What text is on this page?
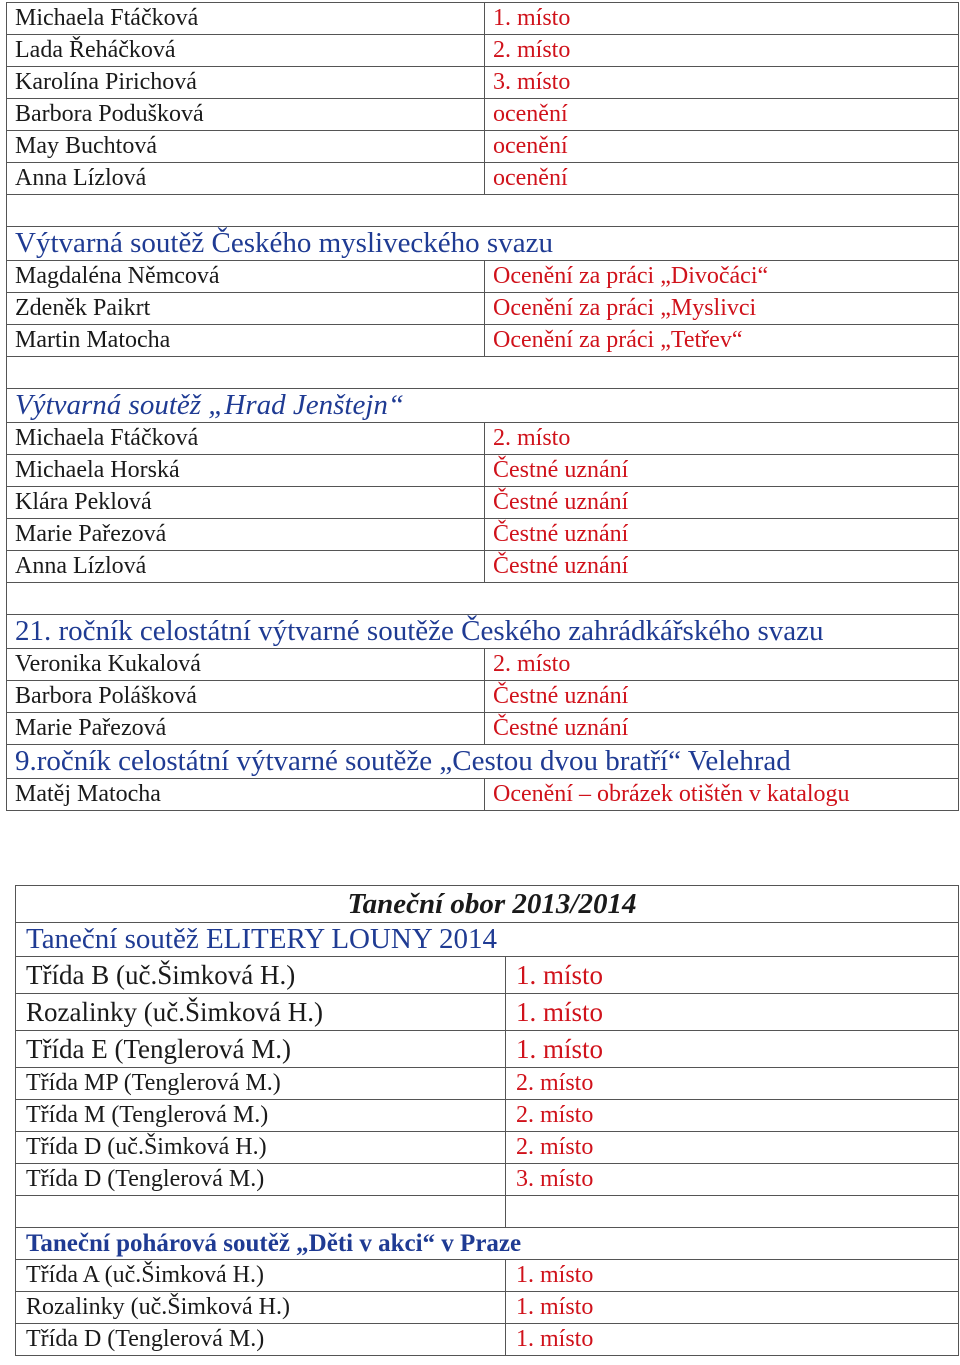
Michaela Ftáčková	1. místo
Lada Řeháčková	2. místo
Karolína Pirichová	3. místo
Barbora Podušková	ocenění
May Buchtová	ocenění
Anna Lízlová	ocenění

Výtvarná soutěž Českého mysliveckého svazu	
Magdaléna Němcová	Ocenění za práci „Divočáci“
Zdeněk Paikrt	Ocenění za práci „Myslivci
Martin Matocha	Ocenění za práci „Tetřev“

Výtvarná soutěž „Hrad Jenštejn“	
Michaela Ftáčková	2. místo
Michaela Horská	Čestné uznání
Klára Peklová	Čestné uznání
Marie Pařezová	Čestné uznání
Anna Lízlová	Čestné uznání

21. ročník celostátní výtvarné soutěže Českého zahrádkářského svazu	
Veronika Kukalová	2. místo
Barbora Polášková	Čestné uznání
Marie Pařezová	Čestné uznání
9.ročník celostátní výtvarné soutěže „Cestou dvou bratří“ Velehrad	
Matěj Matocha	Ocenění – obrázek otištěn v katalogu
Taneční obor 2013/2014	
Taneční soutěž ELITERY LOUNY 2014	
Třída B (uč.Šimková H.)	1. místo
Rozalinky (uč.Šimková H.)	1. místo
Třída E (Tenglerová M.)	1. místo
Třída MP (Tenglerová M.)	2. místo
Třída M (Tenglerová M.)	2. místo
Třída D (uč.Šimková H.)	2. místo
Třída D (Tenglerová M.)	3. místo

Taneční pohárová soutěž „Děti v akci“ v Praze	
Třída A (uč.Šimková H.)	1. místo
Rozalinky (uč.Šimková H.)	1. místo
Třída D (Tenglerová M.)	1. místo
